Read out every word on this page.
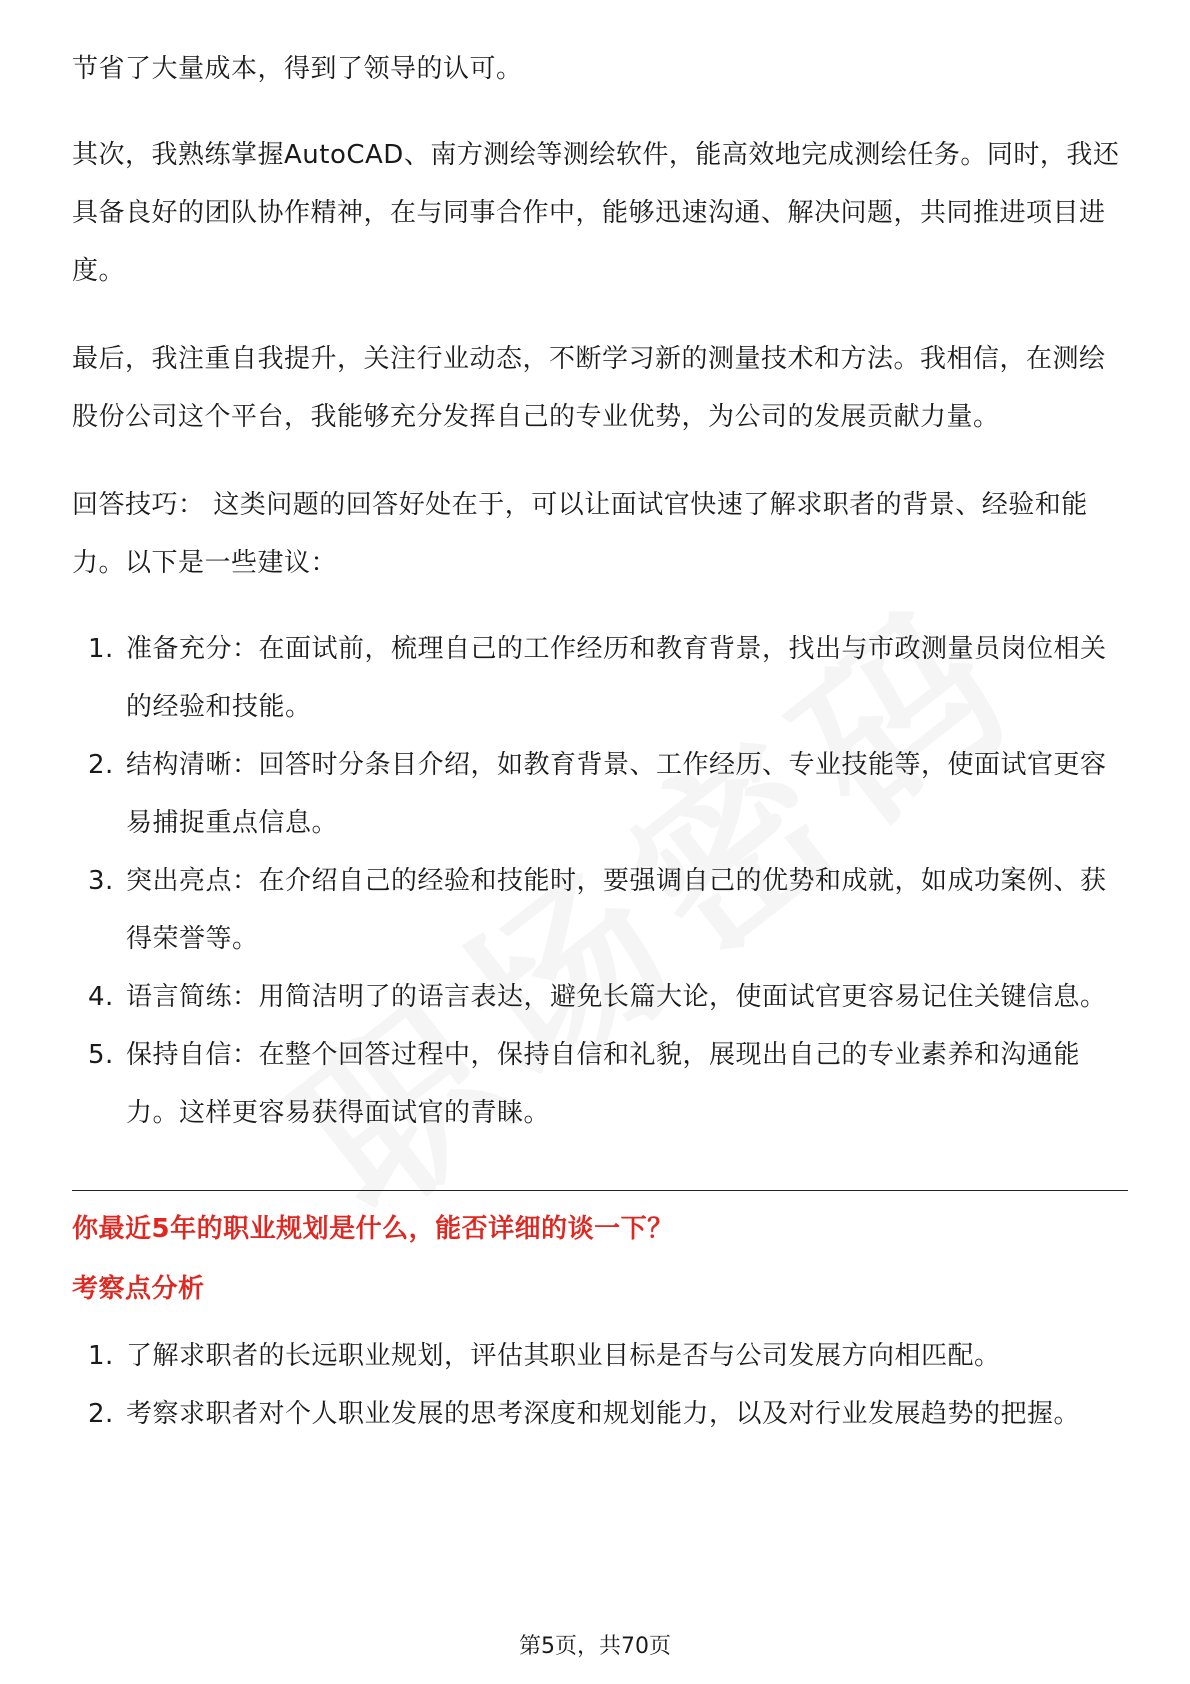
节省了大量成本，得到了领导的认可。

其次，我熟练掌握AutoCAD、南方测绘等测绘软件，能高效地完成测绘任务。同时，我还具备良好的团队协作精神，在与同事合作中，能够迅速沟通、解决问题，共同推进项目进度。

最后，我注重自我提升，关注行业动态，不断学习新的测量技术和方法。我相信，在测绘股份公司这个平台，我能够充分发挥自己的专业优势，为公司的发展贡献力量。

回答技巧： 这类问题的回答好处在于，可以让面试官快速了解求职者的背景、经验和能力。以下是一些建议：

1. 准备充分：在面试前，梳理自己的工作经历和教育背景，找出与市政测量员岗位相关的经验和技能。
2. 结构清晰：回答时分条目介绍，如教育背景、工作经历、专业技能等，使面试官更容易捕捉重点信息。
3. 突出亮点：在介绍自己的经验和技能时，要强调自己的优势和成就，如成功案例、获得荣誉等。
4. 语言简练：用简洁明了的语言表达，避免长篇大论，使面试官更容易记住关键信息。
5. 保持自信：在整个回答过程中，保持自信和礼貌，展现出自己的专业素养和沟通能力。这样更容易获得面试官的青睐。
你最近5年的职业规划是什么，能否详细的谈一下？
考察点分析
1. 了解求职者的长远职业规划，评估其职业目标是否与公司发展方向相匹配。
2. 考察求职者对个人职业发展的思考深度和规划能力，以及对行业发展趋势的把握。
第5页，共70页
